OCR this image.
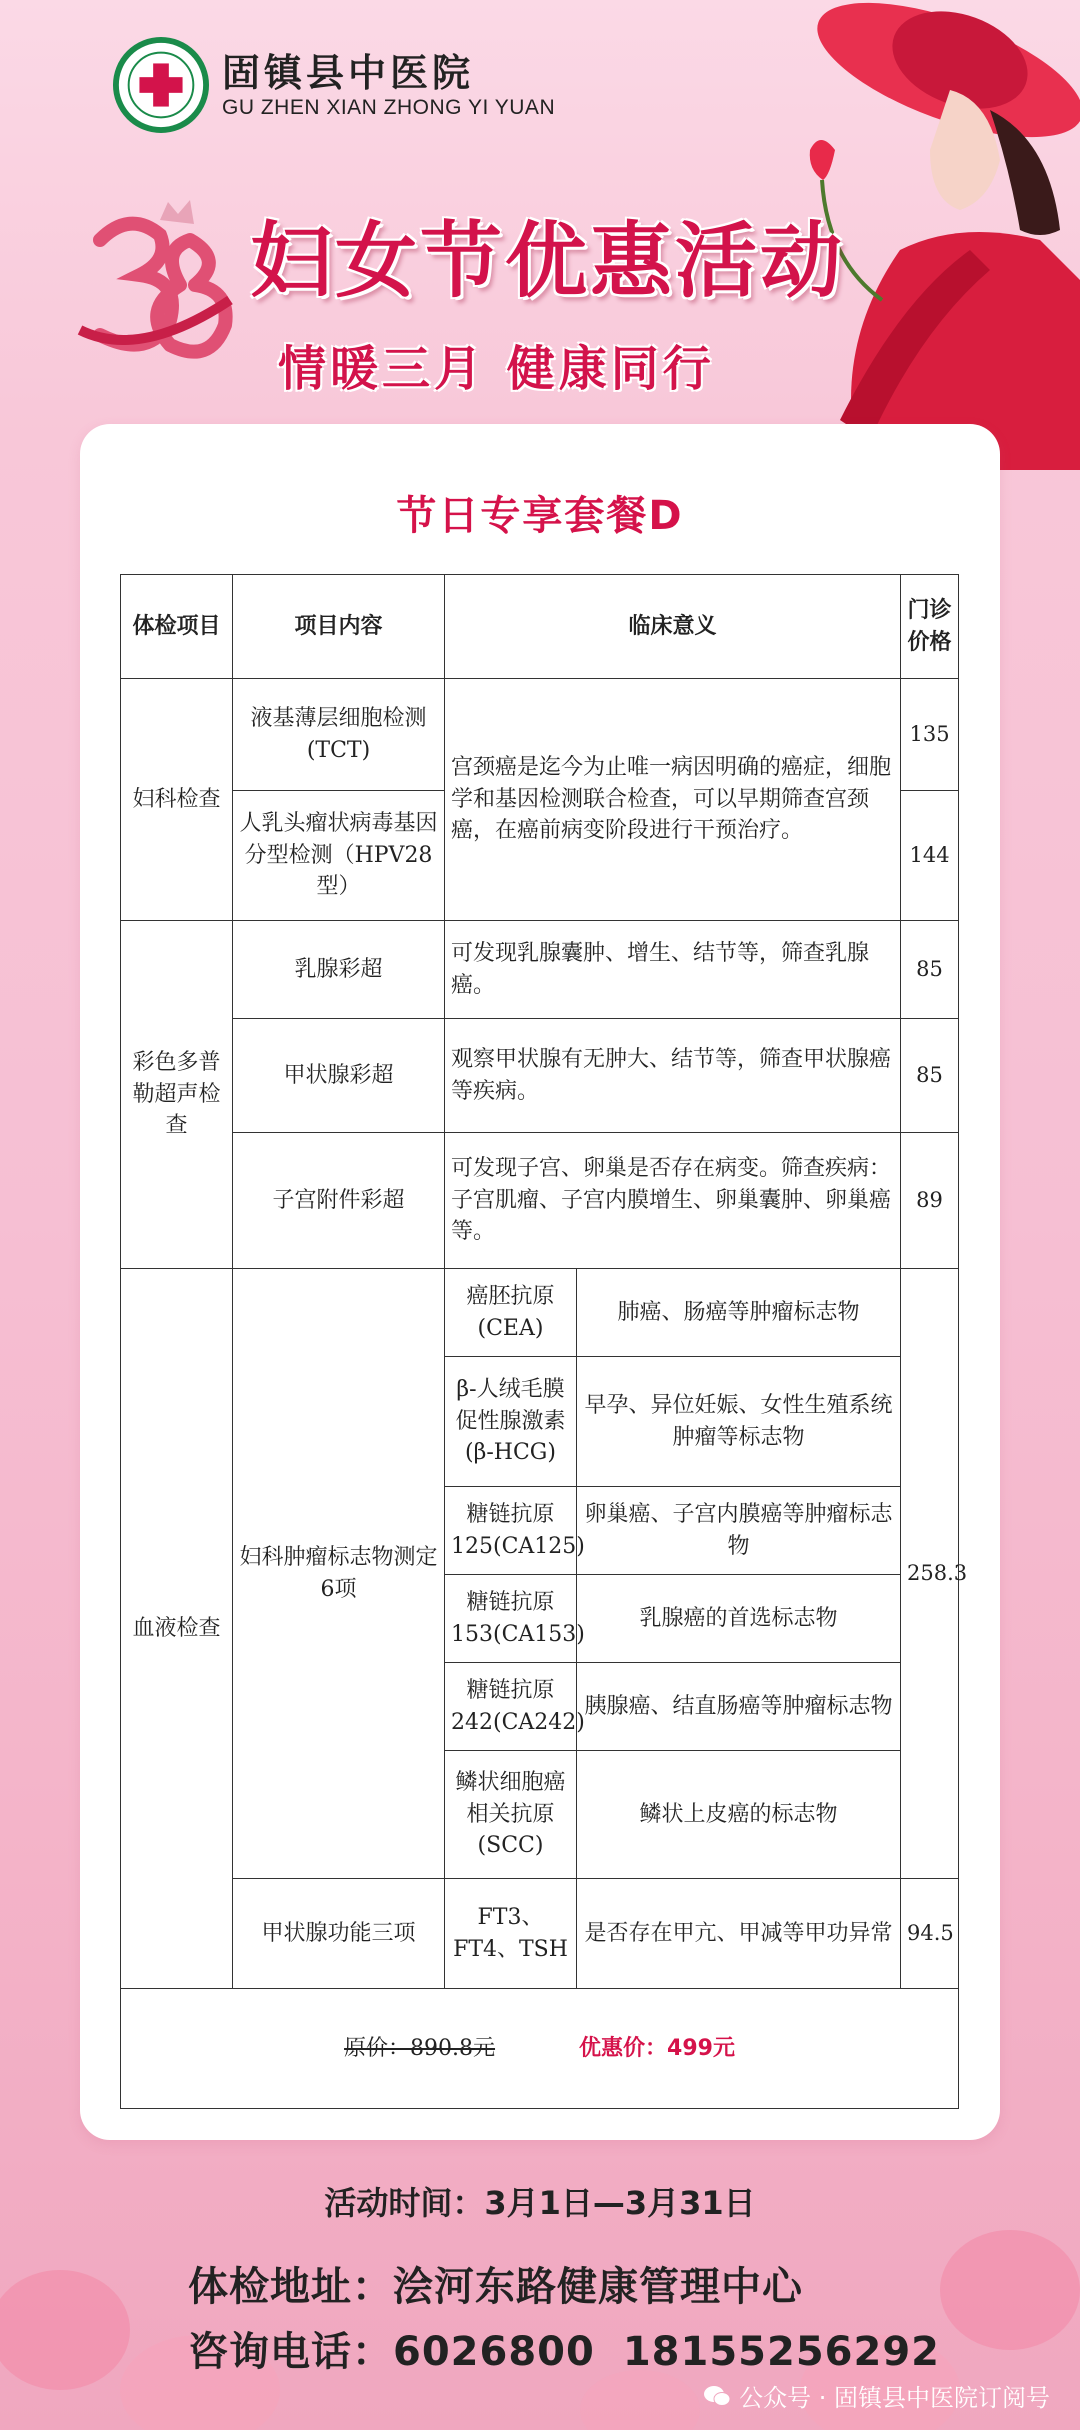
固镇县中医院
GU ZHEN XIAN ZHONG YI YUAN
妇女节优惠活动
情暖三月 健康同行
节日专享套餐D
体检项目	项目内容	临床意义		门诊价格
妇科检查	液基薄层细胞检测(TCT)	宫颈癌是迄今为止唯一病因明确的癌症，细胞学和基因检测联合检查，可以早期筛查宫颈癌，在癌前病变阶段进行干预治疗。		135
	人乳头瘤状病毒基因分型检测（HPV28型）			144
彩色多普勒超声检查	乳腺彩超	可发现乳腺囊肿、增生、结节等，筛查乳腺癌。		85
	甲状腺彩超	观察甲状腺有无肿大、结节等，筛查甲状腺癌等疾病。		85
	子宫附件彩超	可发现子宫、卵巢是否存在病变。筛查疾病：子宫肌瘤、子宫内膜增生、卵巢囊肿、卵巢癌等。		89
血液检查	妇科肿瘤标志物测定6项	癌胚抗原(CEA)	肺癌、肠癌等肿瘤标志物	258.3
		β-人绒毛膜促性腺激素(β-HCG)	早孕、异位妊娠、女性生殖系统肿瘤等标志物	
		糖链抗原125(CA125)	卵巢癌、子宫内膜癌等肿瘤标志物	
		糖链抗原153(CA153)	乳腺癌的首选标志物	
		糖链抗原242(CA242)	胰腺癌、结直肠癌等肿瘤标志物	
		鳞状细胞癌相关抗原(SCC)	鳞状上皮癌的标志物	
	甲状腺功能三项	FT3、FT4、TSH	是否存在甲亢、甲减等甲功异常	94.5
原价：890.8元 优惠价：499元				
活动时间：3月1日—3月31日
体检地址：浍河东路健康管理中心
咨询电话：6026800 18155256292
公众号 · 固镇县中医院订阅号
